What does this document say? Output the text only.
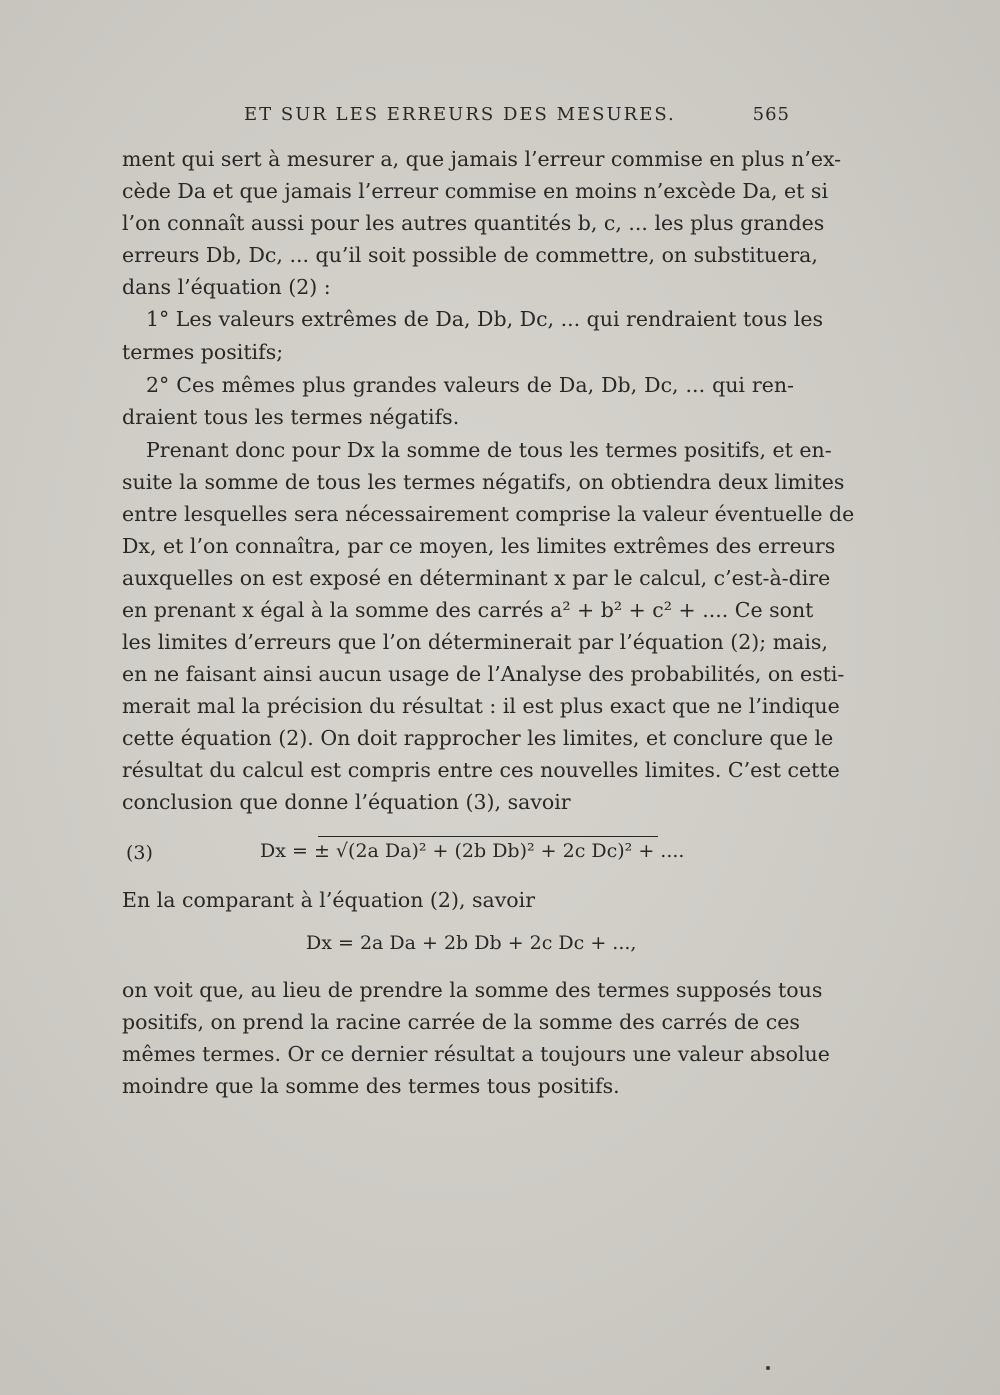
ET SUR LES ERREURS DES MESURES.	565
ment qui sert à mesurer a, que jamais l’erreur commise en plus n’ex-
cède Da et que jamais l’erreur commise en moins n’excède Da, et si
l’on connaît aussi pour les autres quantités b, c, ... les plus grandes
erreurs Db, Dc, ... qu’il soit possible de commettre, on substituera,
dans l’équation (2) :
1° Les valeurs extrêmes de Da, Db, Dc, ... qui rendraient tous les
termes positifs;
2° Ces mêmes plus grandes valeurs de Da, Db, Dc, ... qui ren-
draient tous les termes négatifs.
Prenant donc pour Dx la somme de tous les termes positifs, et en-
suite la somme de tous les termes négatifs, on obtiendra deux limites
entre lesquelles sera nécessairement comprise la valeur éventuelle de
Dx, et l’on connaîtra, par ce moyen, les limites extrêmes des erreurs
auxquelles on est exposé en déterminant x par le calcul, c’est-à-dire
en prenant x égal à la somme des carrés a² + b² + c² + .... Ce sont
les limites d’erreurs que l’on déterminerait par l’équation (2); mais,
en ne faisant ainsi aucun usage de l’Analyse des probabilités, on esti-
merait mal la précision du résultat : il est plus exact que ne l’indique
cette équation (2). On doit rapprocher les limites, et conclure que le
résultat du calcul est compris entre ces nouvelles limites. C’est cette
conclusion que donne l’équation (3), savoir
(3)	Dx = ± √(2a Da)² + (2b Db)² + 2c Dc)² + ....
En la comparant à l’équation (2), savoir
Dx = 2a Da + 2b Db + 2c Dc + ...,
on voit que, au lieu de prendre la somme des termes supposés tous
positifs, on prend la racine carrée de la somme des carrés de ces
mêmes termes. Or ce dernier résultat a toujours une valeur absolue
moindre que la somme des termes tous positifs.
